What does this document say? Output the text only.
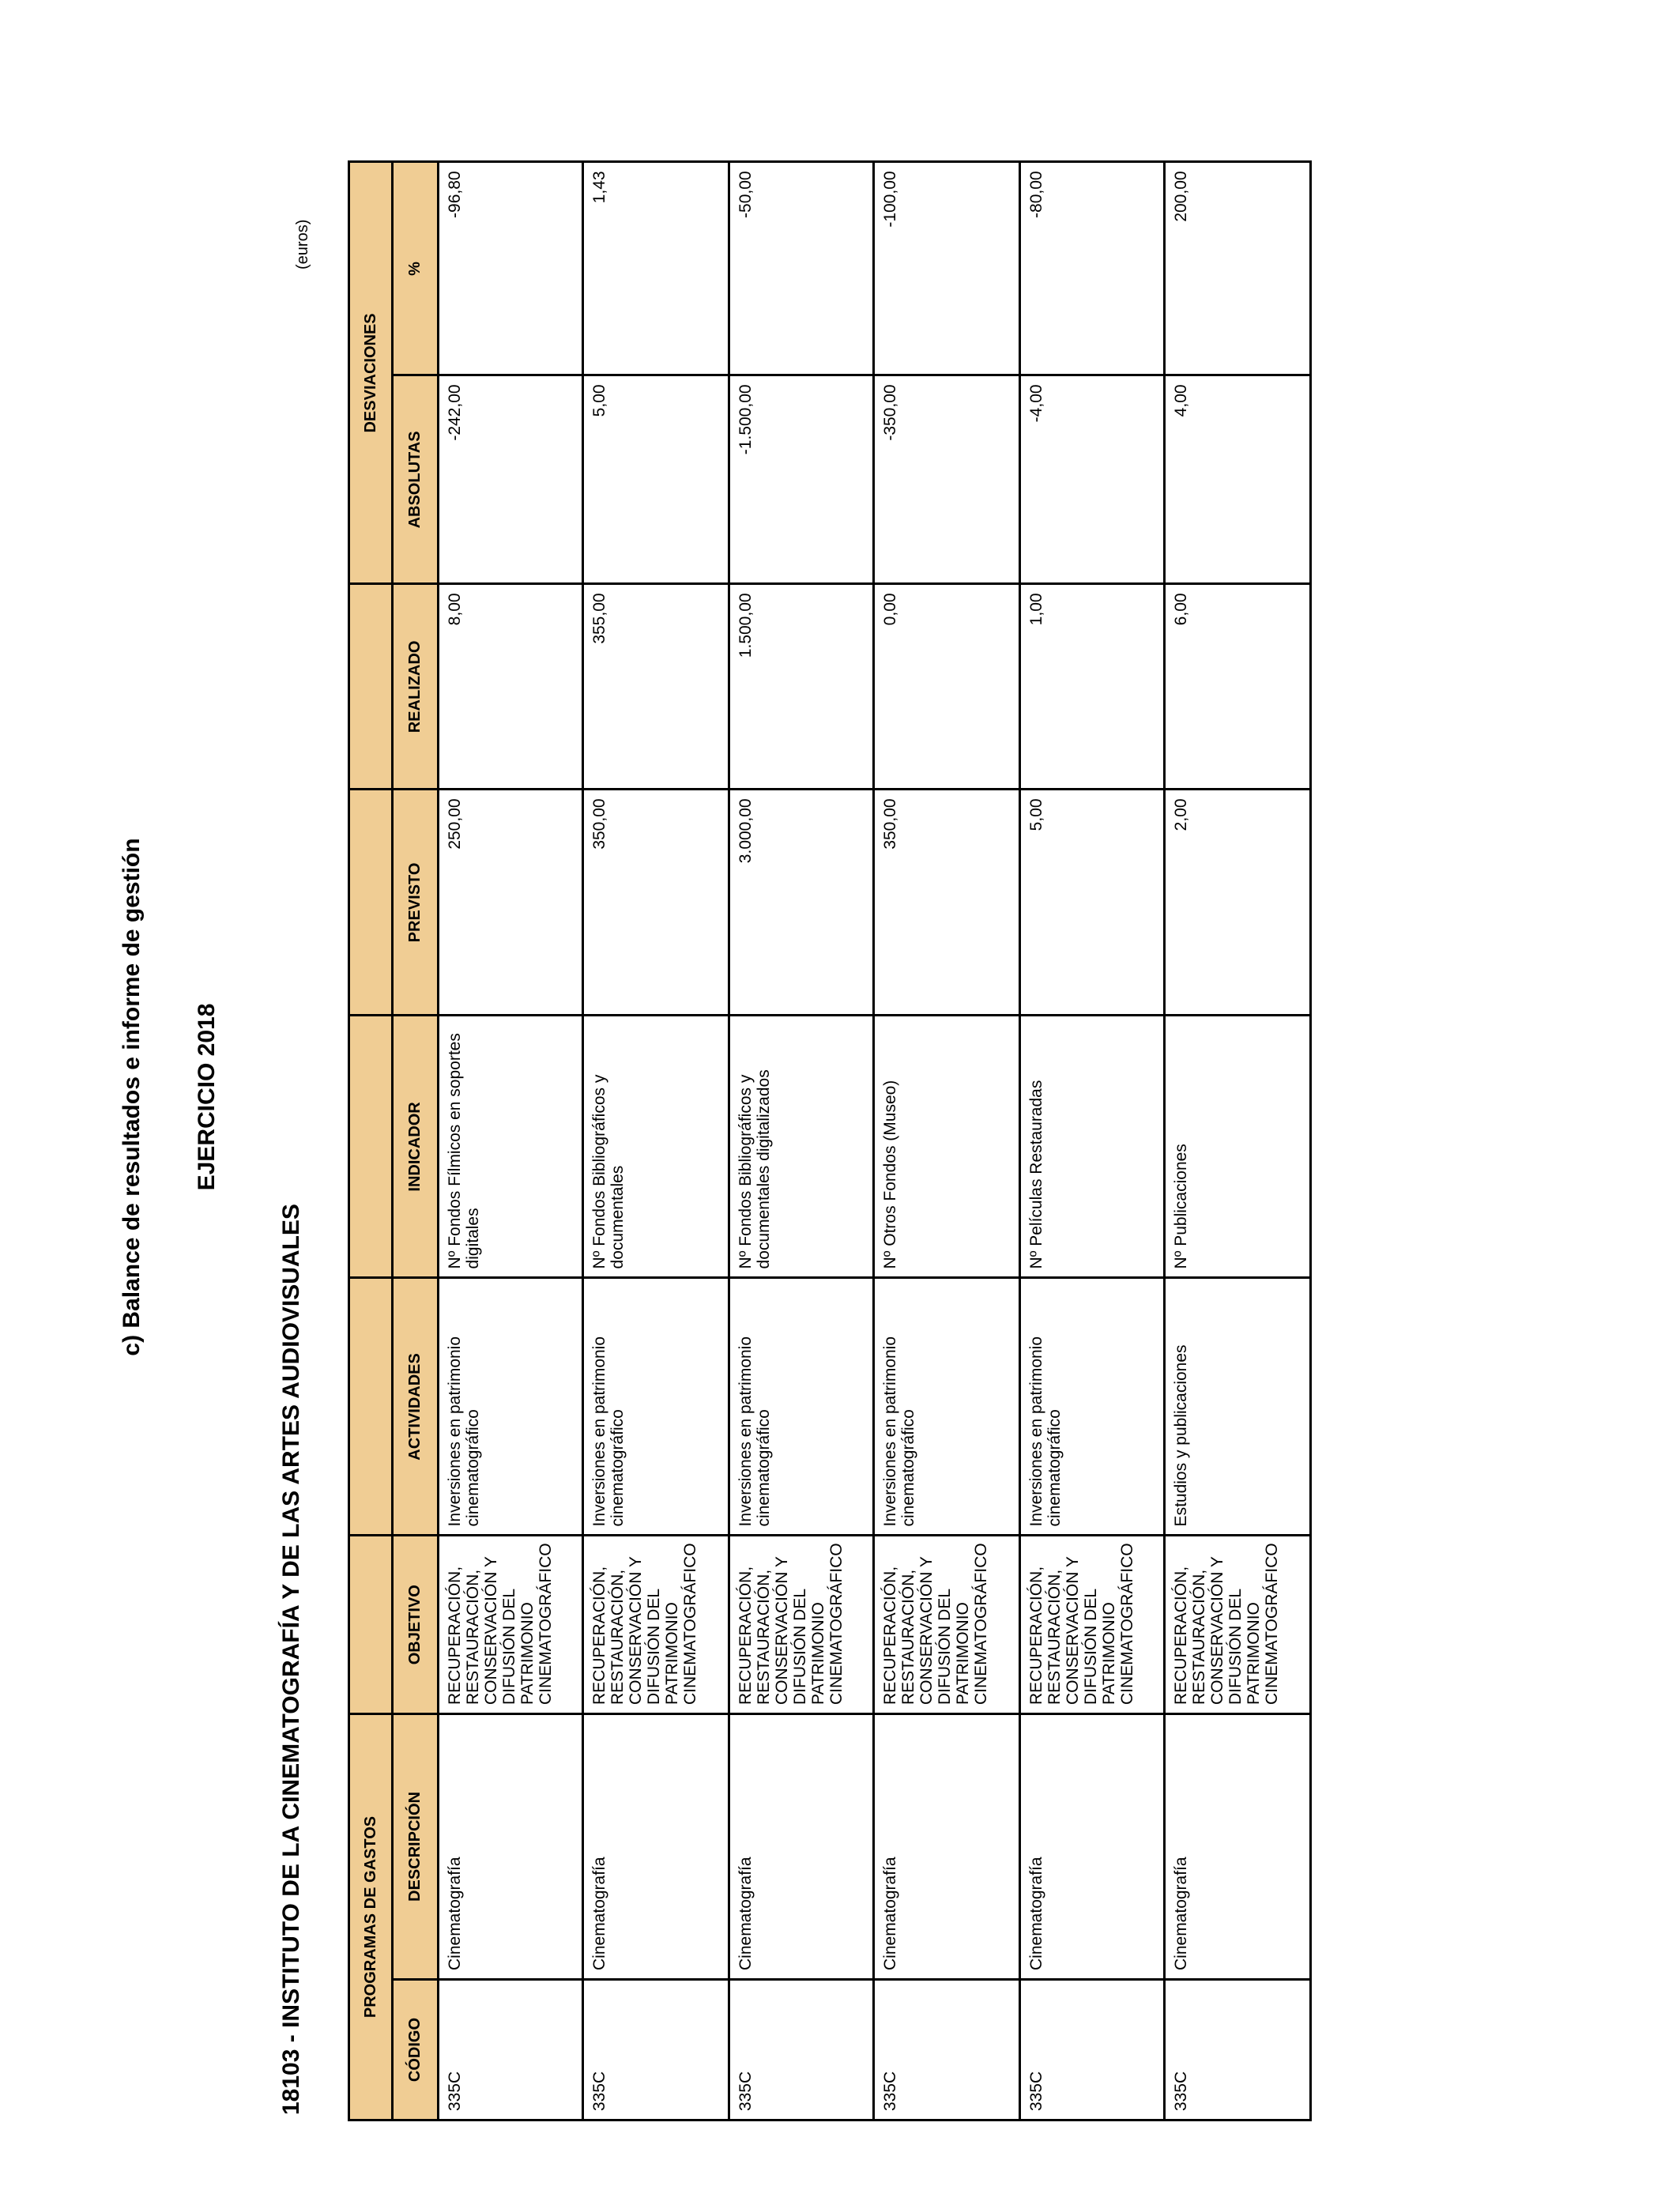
c) Balance de resultados e informe de gestión EJERCICIO 2018
18103 - INSTITUTO DE LA CINEMATOGRAFÍA Y DE LAS ARTES AUDIOVISUALES
(euros)
PROGRAMAS DE GASTOS							DESVIACIONES	
CÓDIGO	DESCRIPCIÓN	OBJETIVO	ACTIVIDADES	INDICADOR	PREVISTO	REALIZADO	ABSOLUTAS	%
335C	Cinematografía	RECUPERACIÓN, RESTAURACIÓN, CONSERVACIÓN Y DIFUSIÓN DEL PATRIMONIO CINEMATOGRÁFICO	Inversiones en patrimonio cinematográfico	Nº Fondos Fílmicos en soportes digitales	250,00	8,00	-242,00	-96,80
335C	Cinematografía	RECUPERACIÓN, RESTAURACIÓN, CONSERVACIÓN Y DIFUSIÓN DEL PATRIMONIO CINEMATOGRÁFICO	Inversiones en patrimonio cinematográfico	Nº Fondos Bibliográficos y documentales	350,00	355,00	5,00	1,43
335C	Cinematografía	RECUPERACIÓN, RESTAURACIÓN, CONSERVACIÓN Y DIFUSIÓN DEL PATRIMONIO CINEMATOGRÁFICO	Inversiones en patrimonio cinematográfico	Nº Fondos Bibliográficos y documentales digitalizados	3.000,00	1.500,00	-1.500,00	-50,00
335C	Cinematografía	RECUPERACIÓN, RESTAURACIÓN, CONSERVACIÓN Y DIFUSIÓN DEL PATRIMONIO CINEMATOGRÁFICO	Inversiones en patrimonio cinematográfico	Nº Otros Fondos (Museo)	350,00	0,00	-350,00	-100,00
335C	Cinematografía	RECUPERACIÓN, RESTAURACIÓN, CONSERVACIÓN Y DIFUSIÓN DEL PATRIMONIO CINEMATOGRÁFICO	Inversiones en patrimonio cinematográfico	Nº Películas Restauradas	5,00	1,00	-4,00	-80,00
335C	Cinematografía	RECUPERACIÓN, RESTAURACIÓN, CONSERVACIÓN Y DIFUSIÓN DEL PATRIMONIO CINEMATOGRÁFICO	Estudios y publicaciones	Nº Publicaciones	2,00	6,00	4,00	200,00
